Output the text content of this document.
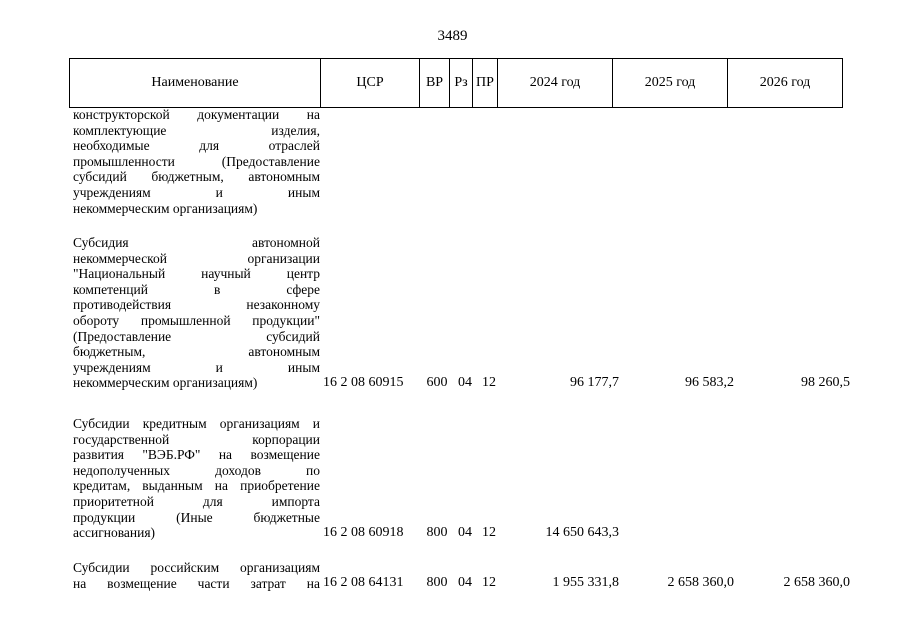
3489
Наименование	ЦСР	ВР	Рз	ПР	2024 год	2025 год	2026 год
конструкторской документации на
комплектующие изделия,
необходимые для отраслей
промышленности (Предоставление
субсидий бюджетным, автономным
учреждениям и иным
некоммерческим организациям)
Субсидия автономной
некоммерческой организации
"Национальный научный центр
компетенций в сфере
противодействия незаконному
обороту промышленной продукции"
(Предоставление субсидий
бюджетным, автономным
учреждениям и иным
некоммерческим организациям)	16 2 08 60915	600 04 12	96 177,7	96 583,2	98 260,5
Субсидии кредитным организациям и
государственной корпорации
развития "ВЭБ.РФ" на возмещение
недополученных доходов по
кредитам, выданным на приобретение
приоритетной для импорта
продукции (Иные бюджетные
ассигнования)	16 2 08 60918	800 04 12	14 650 643,3
Субсидии российским организациям
на возмещение части затрат на 16 2 08 64131	800 04 12	1 955 331,8	2 658 360,0	2 658 360,0
